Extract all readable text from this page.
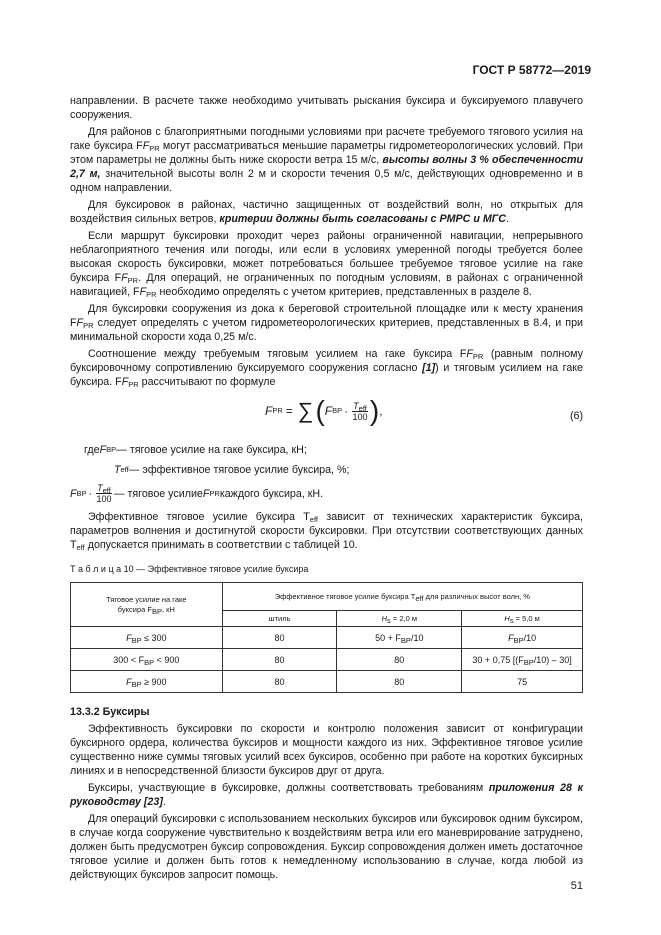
ГОСТ Р 58772—2019

направлении. В расчете также необходимо учитывать рыскания буксира и буксируемого плавучего сооружения.

Для районов с благоприятными погодными условиями при расчете требуемого тягового усилия на гаке буксира $FF_{PR}$ могут рассматриваться меньшие параметры гидрометеорологических условий. При этом параметры не должны быть ниже скорости ветра 15 м/с, высоты волны 3 % обеспеченности 2,7 м, значительной высоты волн 2 м и скорости течения 0,5 м/с, действующих одновременно и в одном направлении.

Для буксировок в районах, частично защищенных от воздействий волн, но открытых для воздействия сильных ветров, критерии должны быть согласованы с РМРС и МГС.

Если маршрут буксировки проходит через районы ограниченной навигации, непрерывного неблагоприятного течения или погоды, или если в условиях умеренной погоды требуется более высокая скорость буксировки, может потребоваться большее требуемое тяговое усилие на гаке буксира $FF_{PR}$. Для операций, не ограниченных по погодным условиям, в районах с ограниченной навигацией, $FF_{PR}$ необходимо определять с учетом критериев, представленных в разделе 8.

Для буксировки сооружения из дока к береговой строительной площадке или к месту хранения $FF_{PR}$ следует определять с учетом гидрометеорологических критериев, представленных в 8.4, и при минимальной скорости хода 0,25 м/с.

Соотношение между требуемым тяговым усилием на гаке буксира $FF_{PR}$ (равным полному буксировочному сопротивлению буксируемого сооружения согласно [1]) и тяговым усилием на гаке буксира. $FF_{PR}$ рассчитывают по формуле

F PR = ∑ ( F BP · $\frac{T_{eff}}{100}$ ) ,	(6)
где F BP — тяговое усилие на гаке буксира, кН;
T eff — эффективное тяговое усилие буксира, %;
F BP · $\frac{T_{eff}}{100}$ — тяговое усилие F PR каждого буксира, кН.

Эффективное тяговое усилие буксира $T_{eff}$ зависит от технических характеристик буксира, параметров волнения и достигнутой скорости буксировки. При отсутствии соответствующих данных $T_{eff}$ допускается принимать в соответствии с таблицей 10.

Т а б л и ц а 10 — Эффективное тяговое усилие буксира
Тяговое усилие на гаке
буксира $F_{BP}$, кН	Эффективное тяговое усилие буксира $T_{eff}$ для различных высот волн, %		
	штиль	$H_s = 2,0$ м	$H_s = 5,0$ м
$F_{BP} \le 300$	80	$50 + F_{BP}/10$	$F_{BP}/10$
$300 < F_{BP} < 900$	80	80	30 + 0,75 $[(F_{BP}/10) - 30]$
$F_{BP} \ge 900$	80	80	75
13.3.2 Буксиры

Эффективность буксировки по скорости и контролю положения зависит от конфигурации буксирного ордера, количества буксиров и мощности каждого из них. Эффективное тяговое усилие существенно ниже суммы тяговых усилий всех буксиров, особенно при работе на коротких буксирных линиях и в непосредственной близости буксиров друг от друга.

Буксиры, участвующие в буксировке, должны соответствовать требованиям приложения 28 к руководству [23].

Для операций буксировки с использованием нескольких буксиров или буксировок одним буксиром, в случае когда сооружение чувствительно к воздействиям ветра или его маневрирование затруднено, должен быть предусмотрен буксир сопровождения. Буксир сопровождения должен иметь достаточное тяговое усилие и должен быть готов к немедленному использованию в случае, когда любой из действующих буксиров запросит помощь.

51
